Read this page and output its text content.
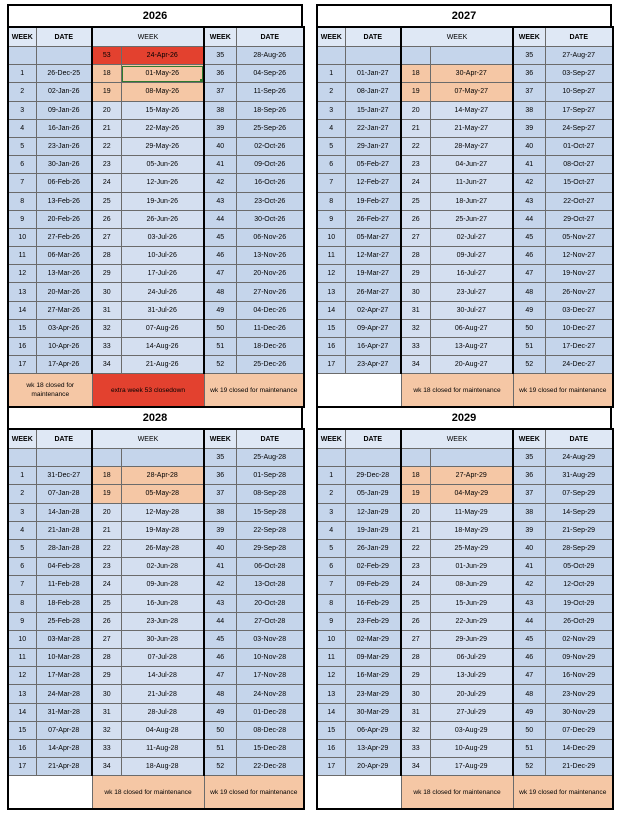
2026
WEEK	DATE	WEEK		WEEK	DATE
		53	24-Apr-26	35	28-Aug-26
1	26-Dec-25	18	01-May-26	36	04-Sep-26
2	02-Jan-26	19	08-May-26	37	11-Sep-26
3	09-Jan-26	20	15-May-26	38	18-Sep-26
4	16-Jan-26	21	22-May-26	39	25-Sep-26
5	23-Jan-26	22	29-May-26	40	02-Oct-26
6	30-Jan-26	23	05-Jun-26	41	09-Oct-26
7	06-Feb-26	24	12-Jun-26	42	16-Oct-26
8	13-Feb-26	25	19-Jun-26	43	23-Oct-26
9	20-Feb-26	26	26-Jun-26	44	30-Oct-26
10	27-Feb-26	27	03-Jul-26	45	06-Nov-26
11	06-Mar-26	28	10-Jul-26	46	13-Nov-26
12	13-Mar-26	29	17-Jul-26	47	20-Nov-26
13	20-Mar-26	30	24-Jul-26	48	27-Nov-26
14	27-Mar-26	31	31-Jul-26	49	04-Dec-26
15	03-Apr-26	32	07-Aug-26	50	11-Dec-26
16	10-Apr-26	33	14-Aug-26	51	18-Dec-26
17	17-Apr-26	34	21-Aug-26	52	25-Dec-26
wk 18 closed for maintenance		extra week 53 closedown		wk 19 closed for maintenance	
2027
WEEK	DATE	WEEK		WEEK	DATE
				35	27-Aug-27
1	01-Jan-27	18	30-Apr-27	36	03-Sep-27
2	08-Jan-27	19	07-May-27	37	10-Sep-27
3	15-Jan-27	20	14-May-27	38	17-Sep-27
4	22-Jan-27	21	21-May-27	39	24-Sep-27
5	29-Jan-27	22	28-May-27	40	01-Oct-27
6	05-Feb-27	23	04-Jun-27	41	08-Oct-27
7	12-Feb-27	24	11-Jun-27	42	15-Oct-27
8	19-Feb-27	25	18-Jun-27	43	22-Oct-27
9	26-Feb-27	26	25-Jun-27	44	29-Oct-27
10	05-Mar-27	27	02-Jul-27	45	05-Nov-27
11	12-Mar-27	28	09-Jul-27	46	12-Nov-27
12	19-Mar-27	29	16-Jul-27	47	19-Nov-27
13	26-Mar-27	30	23-Jul-27	48	26-Nov-27
14	02-Apr-27	31	30-Jul-27	49	03-Dec-27
15	09-Apr-27	32	06-Aug-27	50	10-Dec-27
16	16-Apr-27	33	13-Aug-27	51	17-Dec-27
17	23-Apr-27	34	20-Aug-27	52	24-Dec-27
		wk 18 closed for maintenance		wk 19 closed for maintenance	
2028
WEEK	DATE	WEEK		WEEK	DATE
				35	25-Aug-28
1	31-Dec-27	18	28-Apr-28	36	01-Sep-28
2	07-Jan-28	19	05-May-28	37	08-Sep-28
3	14-Jan-28	20	12-May-28	38	15-Sep-28
4	21-Jan-28	21	19-May-28	39	22-Sep-28
5	28-Jan-28	22	26-May-28	40	29-Sep-28
6	04-Feb-28	23	02-Jun-28	41	06-Oct-28
7	11-Feb-28	24	09-Jun-28	42	13-Oct-28
8	18-Feb-28	25	16-Jun-28	43	20-Oct-28
9	25-Feb-28	26	23-Jun-28	44	27-Oct-28
10	03-Mar-28	27	30-Jun-28	45	03-Nov-28
11	10-Mar-28	28	07-Jul-28	46	10-Nov-28
12	17-Mar-28	29	14-Jul-28	47	17-Nov-28
13	24-Mar-28	30	21-Jul-28	48	24-Nov-28
14	31-Mar-28	31	28-Jul-28	49	01-Dec-28
15	07-Apr-28	32	04-Aug-28	50	08-Dec-28
16	14-Apr-28	33	11-Aug-28	51	15-Dec-28
17	21-Apr-28	34	18-Aug-28	52	22-Dec-28
		wk 18 closed for maintenance		wk 19 closed for maintenance	
2029
WEEK	DATE	WEEK		WEEK	DATE
				35	24-Aug-29
1	29-Dec-28	18	27-Apr-29	36	31-Aug-29
2	05-Jan-29	19	04-May-29	37	07-Sep-29
3	12-Jan-29	20	11-May-29	38	14-Sep-29
4	19-Jan-29	21	18-May-29	39	21-Sep-29
5	26-Jan-29	22	25-May-29	40	28-Sep-29
6	02-Feb-29	23	01-Jun-29	41	05-Oct-29
7	09-Feb-29	24	08-Jun-29	42	12-Oct-29
8	16-Feb-29	25	15-Jun-29	43	19-Oct-29
9	23-Feb-29	26	22-Jun-29	44	26-Oct-29
10	02-Mar-29	27	29-Jun-29	45	02-Nov-29
11	09-Mar-29	28	06-Jul-29	46	09-Nov-29
12	16-Mar-29	29	13-Jul-29	47	16-Nov-29
13	23-Mar-29	30	20-Jul-29	48	23-Nov-29
14	30-Mar-29	31	27-Jul-29	49	30-Nov-29
15	06-Apr-29	32	03-Aug-29	50	07-Dec-29
16	13-Apr-29	33	10-Aug-29	51	14-Dec-29
17	20-Apr-29	34	17-Aug-29	52	21-Dec-29
		wk 18 closed for maintenance		wk 19 closed for maintenance	
